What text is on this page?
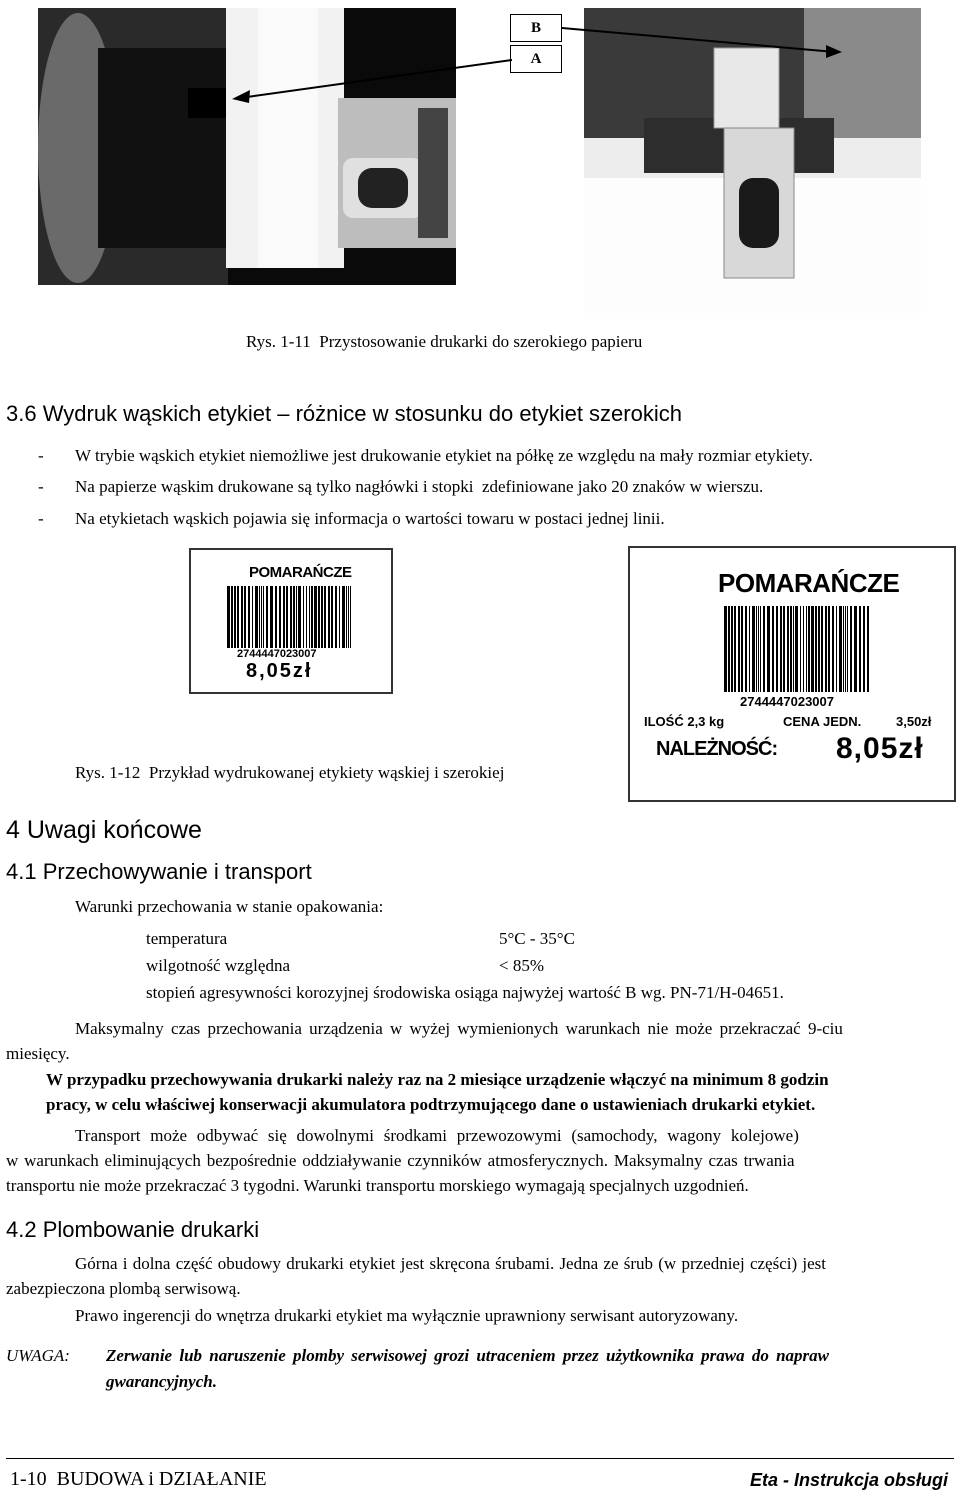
B
A
Rys. 1-11  Przystosowanie drukarki do szerokiego papieru
3.6 Wydruk wąskich etykiet – różnice w stosunku do etykiet szerokich
- W trybie wąskich etykiet niemożliwe jest drukowanie etykiet na półkę ze względu na mały rozmiar etykiety.
- Na papierze wąskim drukowane są tylko nagłówki i stopki  zdefiniowane jako 20 znaków w wierszu.
- Na etykietach wąskich pojawia się informacja o wartości towaru w postaci jednej linii.
POMARAŃCZE
2744447023007
8,05zł
POMARAŃCZE
2744447023007
ILOŚĆ 2,3 kg	CENA JEDN.	3,50zł
NALEŻNOŚĆ: 8,05zł
Rys. 1-12  Przykład wydrukowanej etykiety wąskiej i szerokiej
4 Uwagi końcowe
4.1 Przechowywanie i transport
Warunki przechowania w stanie opakowania:
temperatura	5°C - 35°C
wilgotność względna	< 85%
stopień agresywności korozyjnej środowiska osiąga najwyżej wartość B wg. PN-71/H-04651.
Maksymalny czas przechowania urządzenia w wyżej wymienionych warunkach nie może przekraczać 9-ciu
miesięcy.
W przypadku przechowywania drukarki należy raz na 2 miesiące urządzenie włączyć na minimum 8 godzin
pracy, w celu właściwej konserwacji akumulatora podtrzymującego dane o ustawieniach drukarki etykiet.
Transport może odbywać się dowolnymi środkami przewozowymi (samochody, wagony kolejowe)
w warunkach eliminujących bezpośrednie oddziaływanie czynników atmosferycznych. Maksymalny czas trwania
transportu nie może przekraczać 3 tygodni. Warunki transportu morskiego wymagają specjalnych uzgodnień.
4.2 Plombowanie drukarki
Górna i dolna część obudowy drukarki etykiet jest skręcona śrubami. Jedna ze śrub (w przedniej części) jest
zabezpieczona plombą serwisową.
Prawo ingerencji do wnętrza drukarki etykiet ma wyłącznie uprawniony serwisant autoryzowany.
UWAGA: Zerwanie lub naruszenie plomby serwisowej grozi utraceniem przez użytkownika prawa do napraw
gwarancyjnych.
1-10  BUDOWA i DZIAŁANIE	Eta - Instrukcja obsługi
